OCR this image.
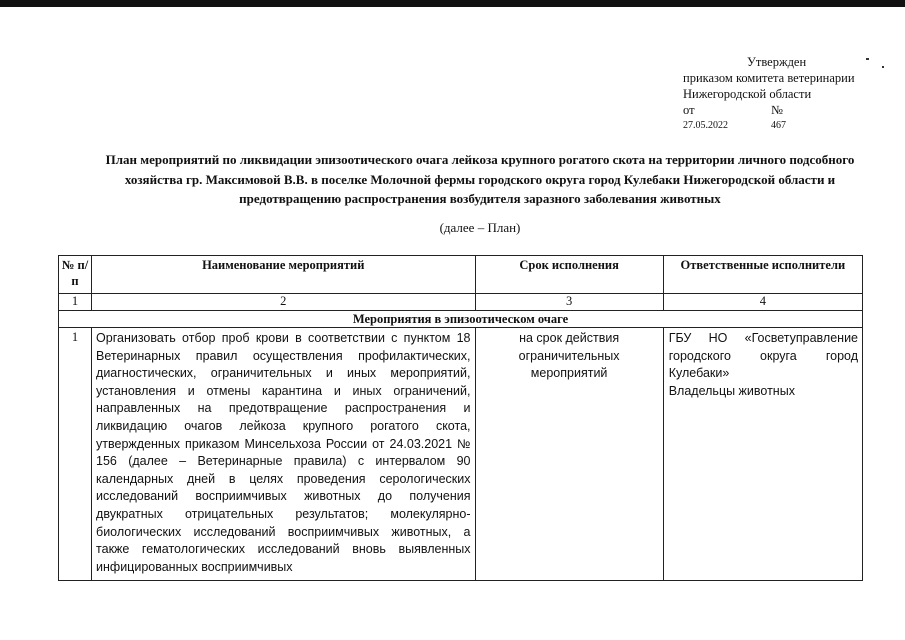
Утвержден
приказом комитета ветеринарии
Нижегородской области
от	№
27.05.2022	467
План мероприятий по ликвидации эпизоотического очага лейкоза крупного рогатого скота на территории личного подсобного хозяйства гр. Максимовой В.В. в поселке Молочной фермы городского округа город Кулебаки Нижегородской области и предотвращению распространения возбудителя заразного заболевания животных
(далее – План)
№ п/п	Наименование мероприятий	Срок исполнения	Ответственные исполнители
1	2	3	4
Мероприятия в эпизоотическом очаге			
1	Организовать отбор проб крови в соответствии с пунктом 18 Ветеринарных правил осуществления профилактических, диагностических, ограничительных и иных мероприятий, установления и отмены карантина и иных ограничений, направленных на предотвращение распространения и ликвидацию очагов лейкоза крупного рогатого скота, утвержденных приказом Минсельхоза России от 24.03.2021 № 156 (далее – Ветеринарные правила) с интервалом 90 календарных дней в целях проведения серологических исследований восприимчивых животных до получения двукратных отрицательных результатов; молекулярно-биологических исследований восприимчивых животных, а также гематологических исследований вновь выявленных инфицированных восприимчивых	на срок действия ограничительных мероприятий	ГБУ НО «Госветуправление городского округа город Кулебаки»
Владельцы животных
